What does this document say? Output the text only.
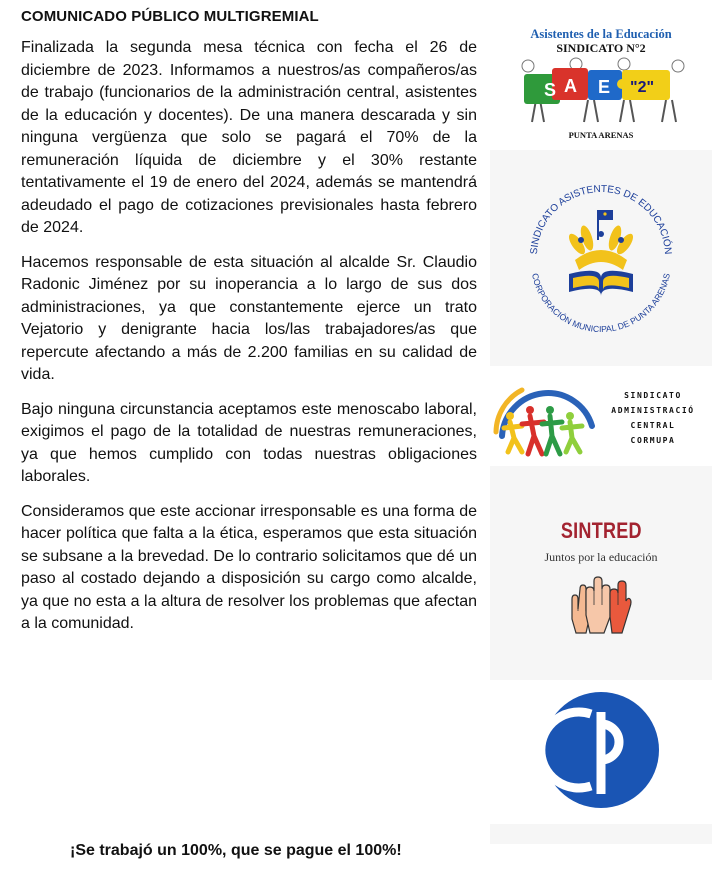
COMUNICADO PÚBLICO MULTIGREMIAL

Finalizada la segunda mesa técnica con fecha el 26 de diciembre de 2023. Informamos a nuestros/as compañeros/as de trabajo (funcionarios de la administración central, asistentes de la educación y docentes). De una manera descarada y sin ninguna vergüenza que solo se pagará el 70% de la remuneración líquida de diciembre y el 30% restante tentativamente el 19 de enero del 2024, además se mantendrá adeudado el pago de cotizaciones previsionales hasta febrero de 2024.

Hacemos responsable de esta situación al alcalde Sr. Claudio Radonic Jiménez por su inoperancia a lo largo de sus dos administraciones, ya que constantemente ejerce un trato Vejatorio y denigrante hacia los/las trabajadores/as que repercute afectando a más de 2.200 familias en su calidad de vida.

Bajo ninguna circunstancia aceptamos este menoscabo laboral, exigimos el pago de la totalidad de nuestras remuneraciones, ya que hemos cumplido con todas nuestras obligaciones laborales.

Consideramos que este accionar irresponsable es una forma de hacer política que falta a la ética, esperamos que esta situación se subsane a la brevedad. De lo contrario solicitamos que dé un paso al costado dejando a disposición su cargo como alcalde, ya que no esta a la altura de resolver los problemas que afectan a la comunidad.

¡Se trabajó un 100%, que se pague el 100%!
Asistentes de la Educación
SINDICATO N°2
S A E "2"
PUNTA ARENAS
SINDICATO ASISTENTES DE EDUCACIÓN
CORPORACIÓN MUNICIPAL DE PUNTA ARENAS
SINDICATO
ADMINISTRACIÓ
CENTRAL
CORMUPA
SINTRED
Juntos por la educación
